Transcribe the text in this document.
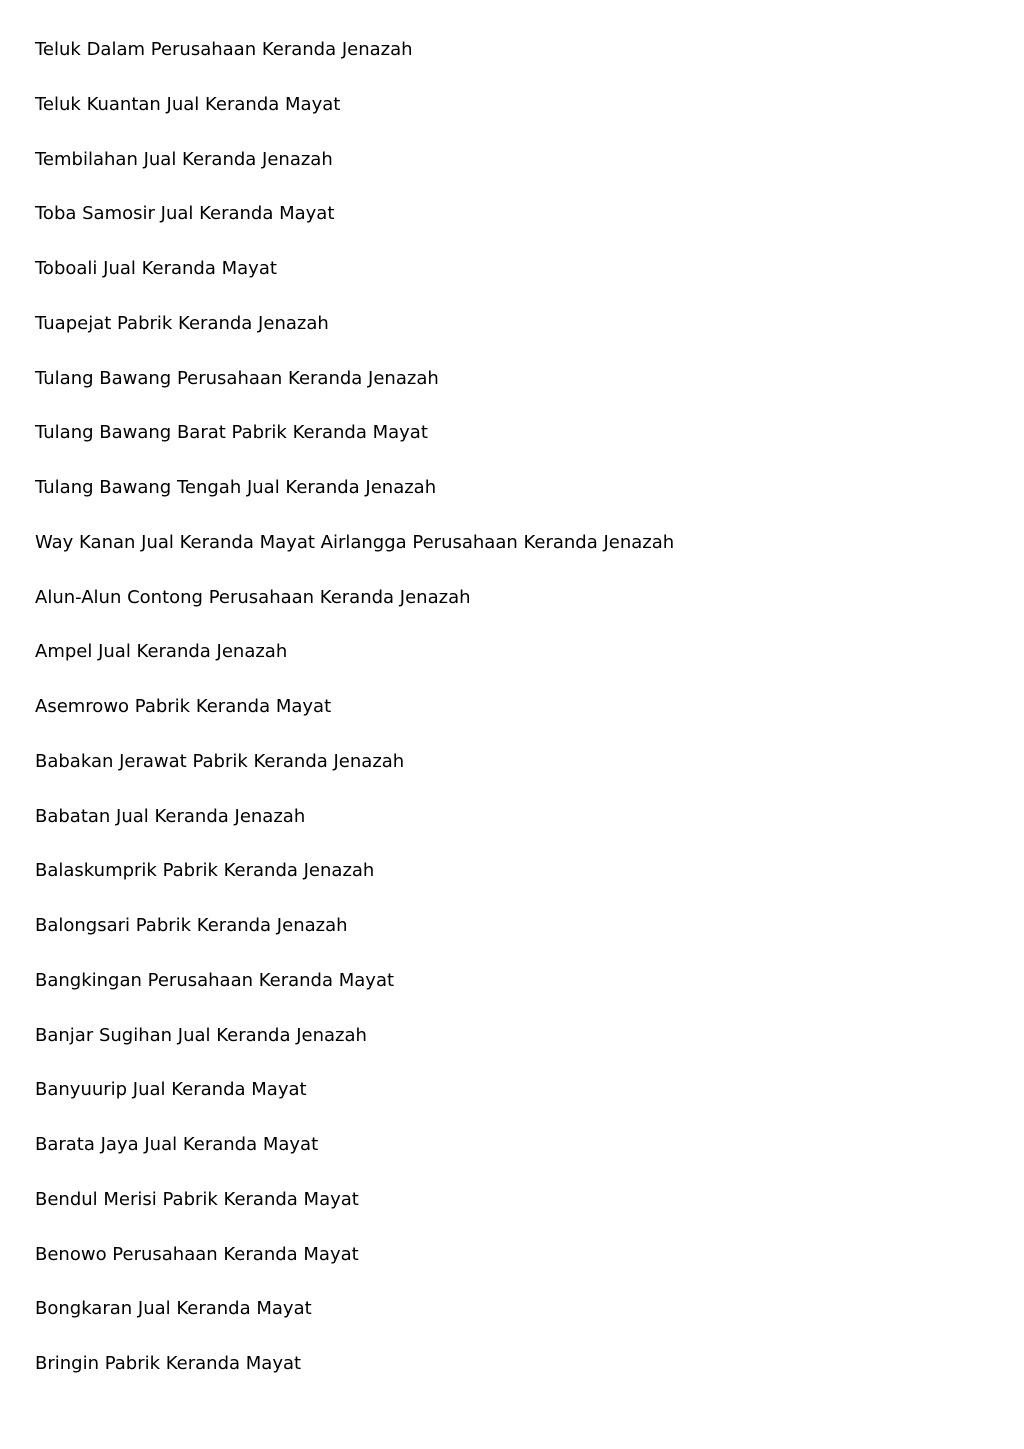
Teluk Dalam Perusahaan Keranda Jenazah
Teluk Kuantan Jual Keranda Mayat
Tembilahan Jual Keranda Jenazah
Toba Samosir Jual Keranda Mayat
Toboali Jual Keranda Mayat
Tuapejat Pabrik Keranda Jenazah
Tulang Bawang Perusahaan Keranda Jenazah
Tulang Bawang Barat Pabrik Keranda Mayat
Tulang Bawang Tengah Jual Keranda Jenazah
Way Kanan Jual Keranda Mayat Airlangga Perusahaan Keranda Jenazah
Alun-Alun Contong Perusahaan Keranda Jenazah
Ampel Jual Keranda Jenazah
Asemrowo Pabrik Keranda Mayat
Babakan Jerawat Pabrik Keranda Jenazah
Babatan Jual Keranda Jenazah
Balaskumprik Pabrik Keranda Jenazah
Balongsari Pabrik Keranda Jenazah
Bangkingan Perusahaan Keranda Mayat
Banjar Sugihan Jual Keranda Jenazah
Banyuurip Jual Keranda Mayat
Barata Jaya Jual Keranda Mayat
Bendul Merisi Pabrik Keranda Mayat
Benowo Perusahaan Keranda Mayat
Bongkaran Jual Keranda Mayat
Bringin Pabrik Keranda Mayat
